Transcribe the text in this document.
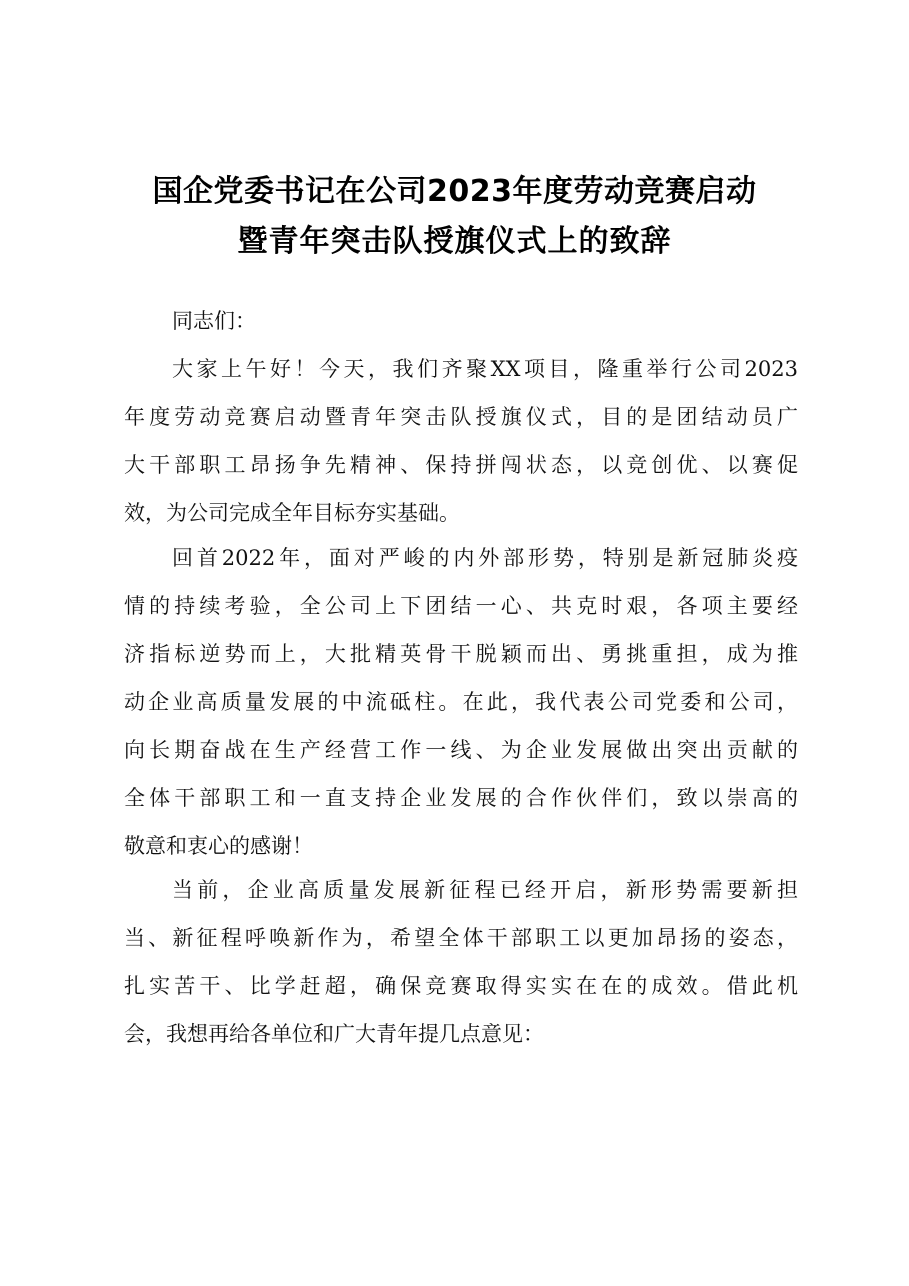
国企党委书记在公司2023年度劳动竞赛启动
暨青年突击队授旗仪式上的致辞
同志们：
大家上午好！今天，我们齐聚XX项目，隆重举行公司2023
年度劳动竞赛启动暨青年突击队授旗仪式，目的是团结动员广
大干部职工昂扬争先精神、保持拼闯状态，以竞创优、以赛促
效，为公司完成全年目标夯实基础。
回首2022年，面对严峻的内外部形势，特别是新冠肺炎疫
情的持续考验，全公司上下团结一心、共克时艰，各项主要经
济指标逆势而上，大批精英骨干脱颖而出、勇挑重担，成为推
动企业高质量发展的中流砥柱。在此，我代表公司党委和公司，
向长期奋战在生产经营工作一线、为企业发展做出突出贡献的
全体干部职工和一直支持企业发展的合作伙伴们，致以崇高的
敬意和衷心的感谢！
当前，企业高质量发展新征程已经开启，新形势需要新担
当、新征程呼唤新作为，希望全体干部职工以更加昂扬的姿态，
扎实苦干、比学赶超，确保竞赛取得实实在在的成效。借此机
会，我想再给各单位和广大青年提几点意见：
